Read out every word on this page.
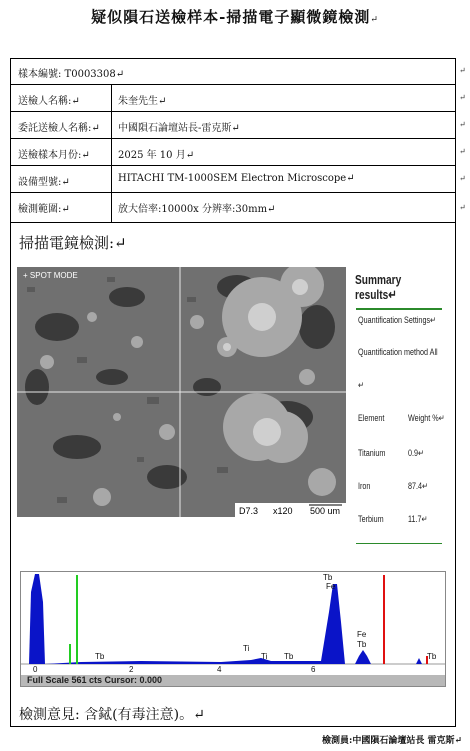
疑似隕石送檢样本-掃描電子顯微鏡檢測↵
樣本編號: T0003308↵	↵
送檢人名稱:↵	朱奎先生↵	↵
委託送檢人名稱:↵	中國隕石論壇站長-雷克斯↵	↵
送檢樣本月份:↵	2025 年 10 月↵	↵
設備型號:↵	HITACHI TM-1000SEM Electron Microscope↵	↵
檢測範圍:↵	放大倍率:10000x 分辨率:30mm↵	↵
掃描電鏡檢測:↵
+ SPOT MODE
D7.3 x120 500 um
Summary results↵
Quantification Settings↵
Quantification method All
↵
Element	Weight %↵
Titanium	0.9↵
Iron	87.4↵
Terbium	11.7↵
Tb
Fe
Fe
Tb
Tb
Ti
Ti Tb	Tb
0	2	4	6
Full Scale 561 cts Cursor: 0.000
檢測意見: 含鋱(有毒注意)。↵
檢測員:中國隕石論壇站長 雷克斯↵
